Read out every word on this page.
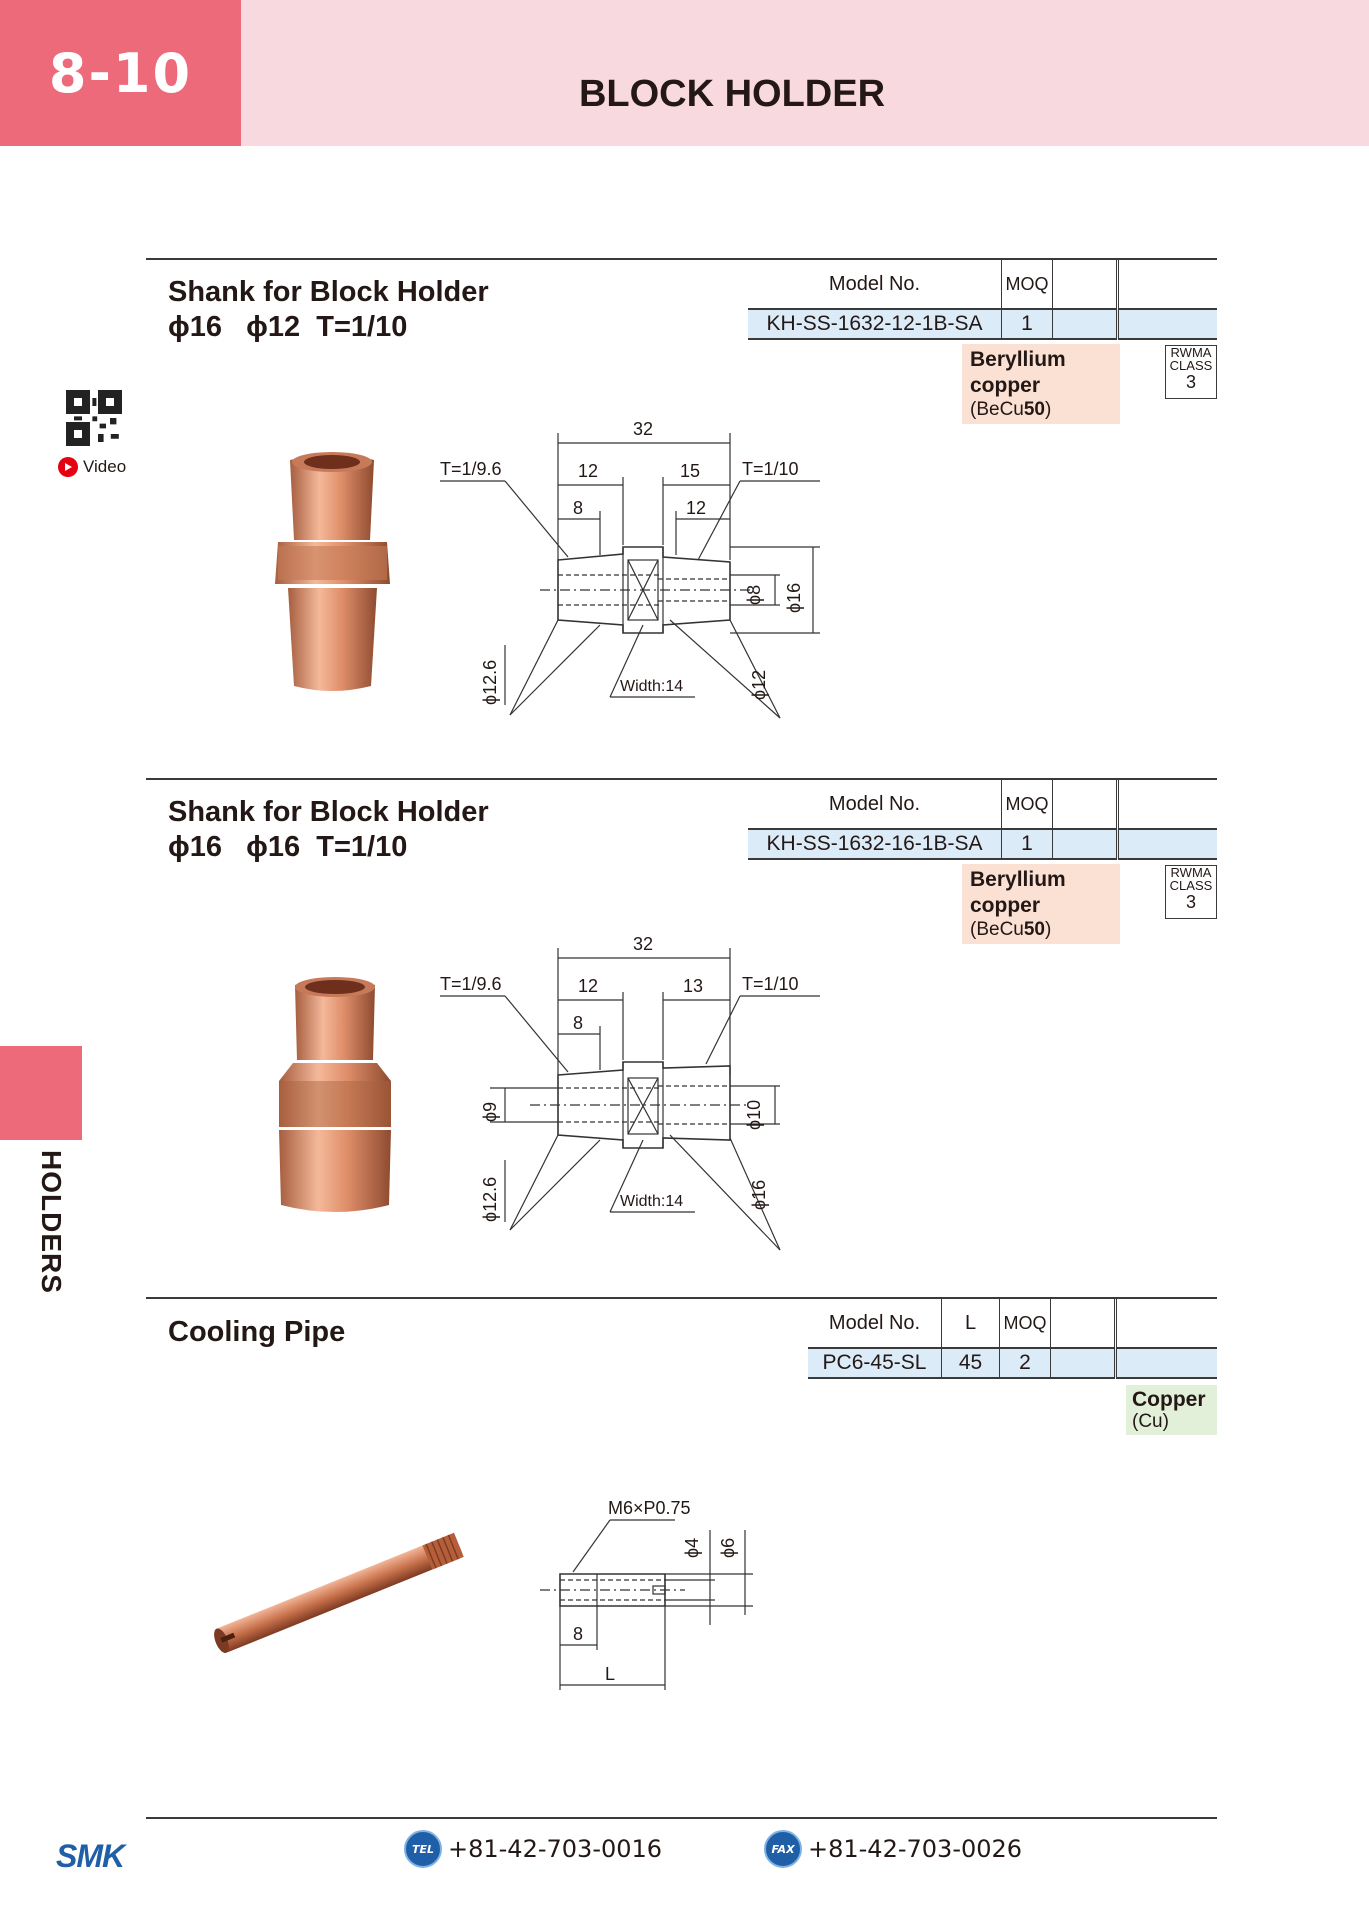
8-10	BLOCK HOLDER
Video
HOLDERS
Shank for Block Holder
ϕ16   ϕ12  T=1/10
Model No.	MOQ		
KH-SS-1632-12-1B-SA	1		
Beryllium copper
(BeCu50)
RWMA
CLASS
3
32
12	15
8	12
T=1/9.6	T=1/10
ϕ8 ϕ16
ϕ12.6	ϕ12
Width:14
Shank for Block Holder
ϕ16   ϕ16  T=1/10
Model No.	MOQ		
KH-SS-1632-16-1B-SA	1		
Beryllium copper
(BeCu50)
RWMA
CLASS
3
32
12	13
8
T=1/9.6	T=1/10
ϕ10
ϕ9
ϕ12.6	ϕ16
Width:14
Cooling Pipe	Model No.	L	MOQ		
PC6-45-SL	45	2		
Copper
(Cu)
M6×P0.75
ϕ4 ϕ6
8
L
SMK	TEL +81-42-703-0016	FAX +81-42-703-0026
